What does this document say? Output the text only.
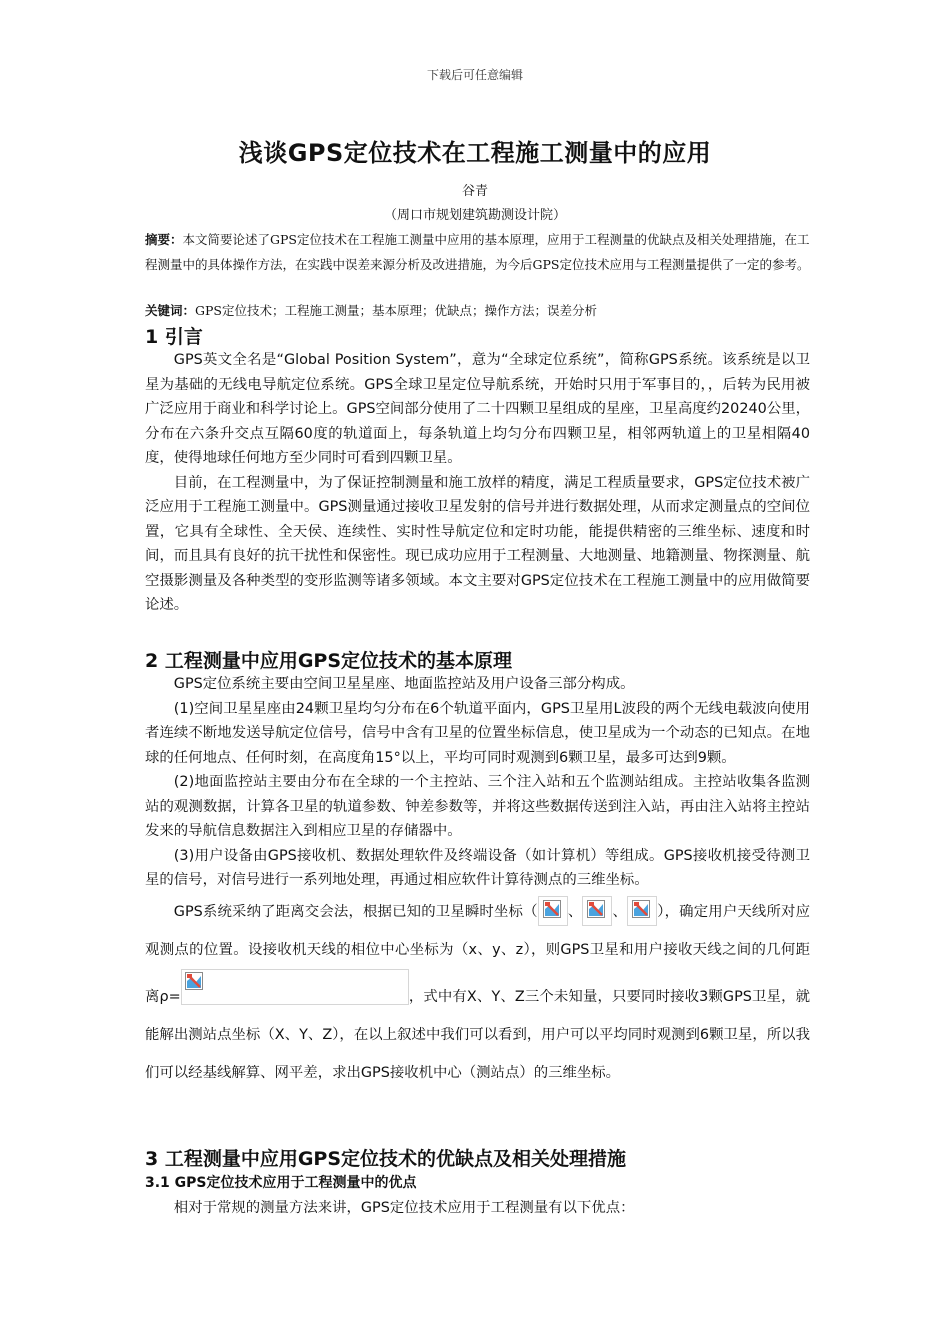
下载后可任意编辑
浅谈GPS定位技术在工程施工测量中的应用
谷青
（周口市规划建筑勘测设计院）
摘要：本文简要论述了GPS定位技术在工程施工测量中应用的基本原理，应用于工程测量的优缺点及相关处理措施，在工程测量中的具体操作方法，在实践中误差来源分析及改进措施，为今后GPS定位技术应用与工程测量提供了一定的参考。
关键词：GPS定位技术；工程施工测量；基本原理；优缺点；操作方法；误差分析
1 引言

GPS英文全名是“Global Position System”，意为“全球定位系统”，简称GPS系统。该系统是以卫星为基础的无线电导航定位系统。GPS全球卫星定位导航系统，开始时只用于军事目的，，后转为民用被广泛应用于商业和科学讨论上。GPS空间部分使用了二十四颗卫星组成的星座，卫星高度约20240公里，分布在六条升交点互隔60度的轨道面上，每条轨道上均匀分布四颗卫星，相邻两轨道上的卫星相隔40度，使得地球任何地方至少同时可看到四颗卫星。

目前，在工程测量中，为了保证控制测量和施工放样的精度，满足工程质量要求，GPS定位技术被广泛应用于工程施工测量中。GPS测量通过接收卫星发射的信号并进行数据处理，从而求定测量点的空间位置，它具有全球性、全天侯、连续性、实时性导航定位和定时功能，能提供精密的三维坐标、速度和时间，而且具有良好的抗干扰性和保密性。现已成功应用于工程测量、大地测量、地籍测量、物探测量、航空摄影测量及各种类型的变形监测等诸多领域。本文主要对GPS定位技术在工程施工测量中的应用做简要论述。

2 工程测量中应用GPS定位技术的基本原理

GPS定位系统主要由空间卫星星座、地面监控站及用户设备三部分构成。

(1)空间卫星星座由24颗卫星均匀分布在6个轨道平面内，GPS卫星用L波段的两个无线电载波向使用者连续不断地发送导航定位信号，信号中含有卫星的位置坐标信息，使卫星成为一个动态的已知点。在地球的任何地点、任何时刻，在高度角15°以上，平均可同时观测到6颗卫星，最多可达到9颗。

(2)地面监控站主要由分布在全球的一个主控站、三个注入站和五个监测站组成。主控站收集各监测站的观测数据，计算各卫星的轨道参数、钟差参数等，并将这些数据传送到注入站，再由注入站将主控站发来的导航信息数据注入到相应卫星的存储器中。

(3)用户设备由GPS接收机、数据处理软件及终端设备（如计算机）等组成。GPS接收机接受待测卫星的信号，对信号进行一系列地处理，再通过相应软件计算待测点的三维坐标。

GPS系统采纳了距离交会法，根据已知的卫星瞬时坐标（ 、 、 ），确定用户天线所对应观测点的位置。设接收机天线的相位中心坐标为（x、y、z），则GPS卫星和用户接收天线之间的几何距离ρ=	，式中有X、Y、Z三个未知量，只要同时接收3颗GPS卫星，就能解出测站点坐标（X、Y、Z），在以上叙述中我们可以看到，用户可以平均同时观测到6颗卫星，所以我们可以经基线解算、网平差，求出GPS接收机中心（测站点）的三维坐标。

3 工程测量中应用GPS定位技术的优缺点及相关处理措施
3.1 GPS定位技术应用于工程测量中的优点

相对于常规的测量方法来讲，GPS定位技术应用于工程测量有以下优点：
